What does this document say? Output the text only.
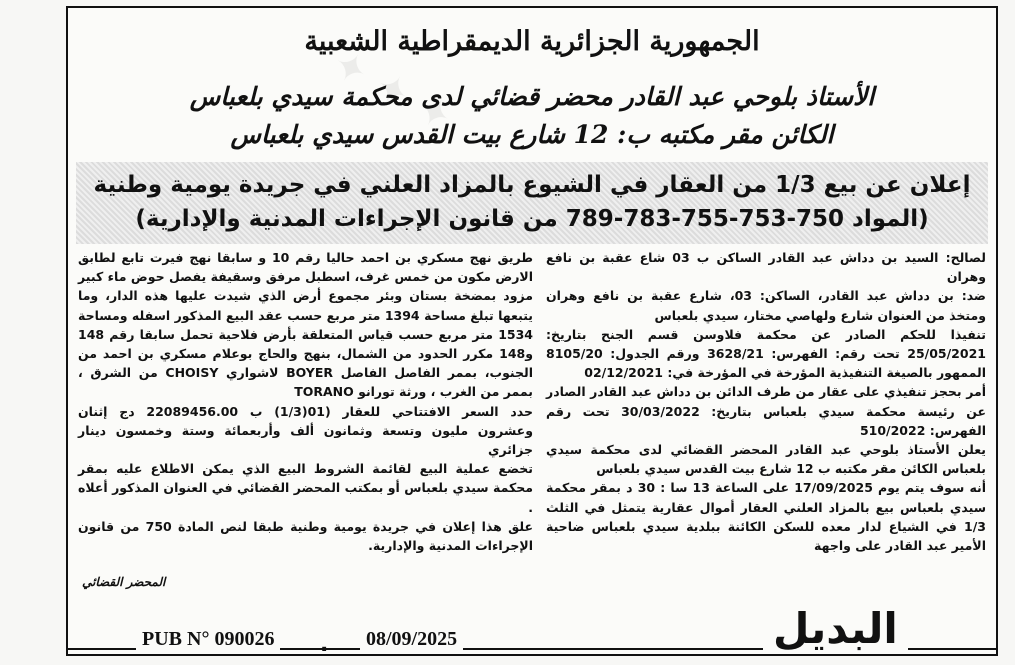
✦ ✦ ✦
الجمهورية الجزائرية الديمقراطية الشعبية
الأستاذ بلوحي عبد القادر محضر قضائي لدى محكمة سيدي بلعباس
الكائن مقر مكتبه ب: 12 شارع بيت القدس سيدي بلعباس
إعلان عن بيع 1/3 من العقار في الشيوع بالمزاد العلني في جريدة يومية وطنية
(المواد 750-753-755-783-789 من قانون الإجراءات المدنية والإدارية)

لصالح: السيد بن دداش عبد القادر الساكن ب 03 شاع عقبة بن نافع وهران

ضد: بن دداش عبد القادر، الساكن: 03، شارع عقبة بن نافع وهران ومتخذ من العنوان شارع ولهاصي مختار، سيدي بلعباس

تنفيذا للحكم الصادر عن محكمة فلاوسن قسم الجنح بتاريخ: 25/05/2021 تحت رقم: الفهرس: 3628/21 ورقم الجدول: 8105/20 الممهور بالصيغة التنفيذية المؤرخة في المؤرخة في: 02/12/2021

أمر بحجز تنفيذي على عقار من طرف الدائن بن دداش عبد القادر الصادر عن رئيسة محكمة سيدي بلعباس بتاريخ: 30/03/2022 تحت رقم الفهرس: 510/2022

يعلن الأستاذ بلوحي عبد القادر المحضر القضائي لدى محكمة سيدي بلعباس الكائن مقر مكتبه ب 12 شارع بيت القدس سيدي بلعباس

أنه سوف يتم يوم 17/09/2025 على الساعة 13 سا : 30 د بمقر محكمة سيدي بلعباس بيع بالمزاد العلني العقار أموال عقارية يتمثل في الثلث 1/3 في الشياع لدار معده للسكن الكائنة ببلدية سيدي بلعباس ضاحية الأمير عبد القادر على واجهة

طريق نهج مسكري بن احمد حاليا رقم 10 و سابقا نهج فيرت تابع لطابق الارض مكون من خمس غرف، اسطبل مرفق وسقيفة يفصل حوض ماء كبير مزود بمضخة بستان وبئر مجموع أرض الذي شيدت عليها هذه الدار، وما يتبعها تبلغ مساحة 1394 متر مربع حسب عقد البيع المذكور اسفله ومساحة 1534 متر مربع حسب قياس المتعلقة بأرض فلاحية تحمل سابقا رقم 148 و148 مكرر الحدود من الشمال، بنهج والحاج بوعلام مسكري بن احمد من الجنوب، بممر الفاصل الفاصل BOYER لاشواري CHOISY من الشرق ، بممر من الغرب ، ورثة تورانو TORANO

حدد السعر الافتتاحي للعقار (01(1/3) ب 22089456.00 دج إثنان وعشرون مليون وتسعة وثمانون ألف وأربعمائة وستة وخمسون دينار جزائري

تخضع عملية البيع لقائمة الشروط البيع الذي يمكن الاطلاع عليه بمقر محكمة سيدي بلعباس أو بمكتب المحضر القضائي في العنوان المذكور أعلاه .

علق هذا إعلان في جريدة يومية وطنية طبقا لنص المادة 750 من قانون الإجراءات المدنية والإدارية.

المحضر القضائي
PUB N° 090026 .	08/09/2025	البديل
